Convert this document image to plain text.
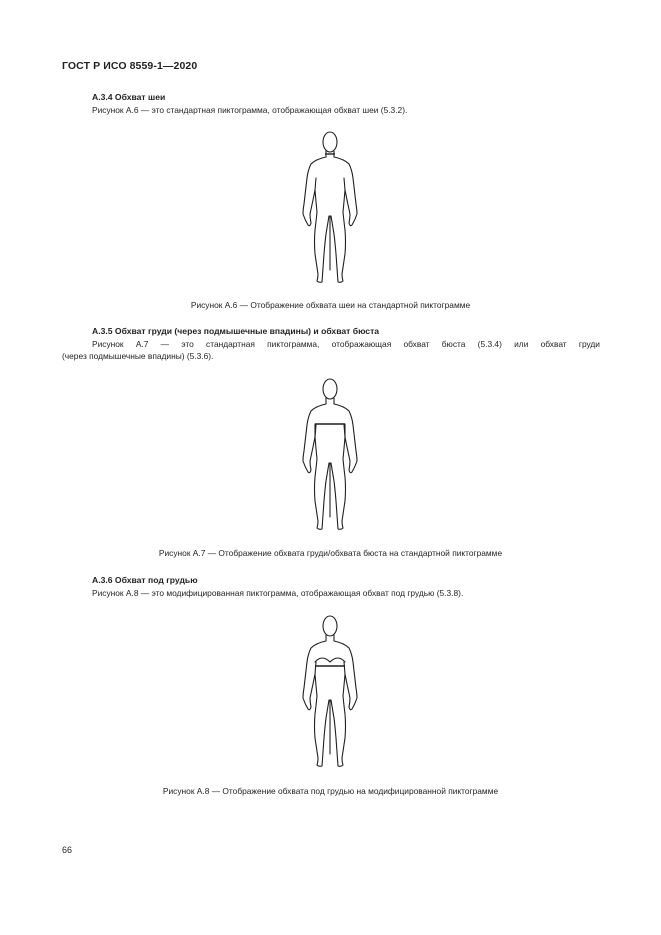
ГОСТ Р ИСО 8559-1—2020
А.3.4 Обхват шеи

Рисунок А.6 — это стандартная пиктограмма, отображающая обхват шеи (5.3.2).

Рисунок А.6 — Отображение обхвата шеи на стандартной пиктограмме
А.3.5 Обхват груди (через подмышечные впадины) и обхват бюста

Рисунок А.7 — это стандартная пиктограмма, отображающая обхват бюста (5.3.4) или обхват груди

(через подмышечные впадины) (5.3.6).

Рисунок А.7 — Отображение обхвата груди/обхвата бюста на стандартной пиктограмме
А.3.6 Обхват под грудью

Рисунок А.8 — это модифицированная пиктограмма, отображающая обхват под грудью (5.3.8).

Рисунок А.8 — Отображение обхвата под грудью на модифицированной пиктограмме
66
